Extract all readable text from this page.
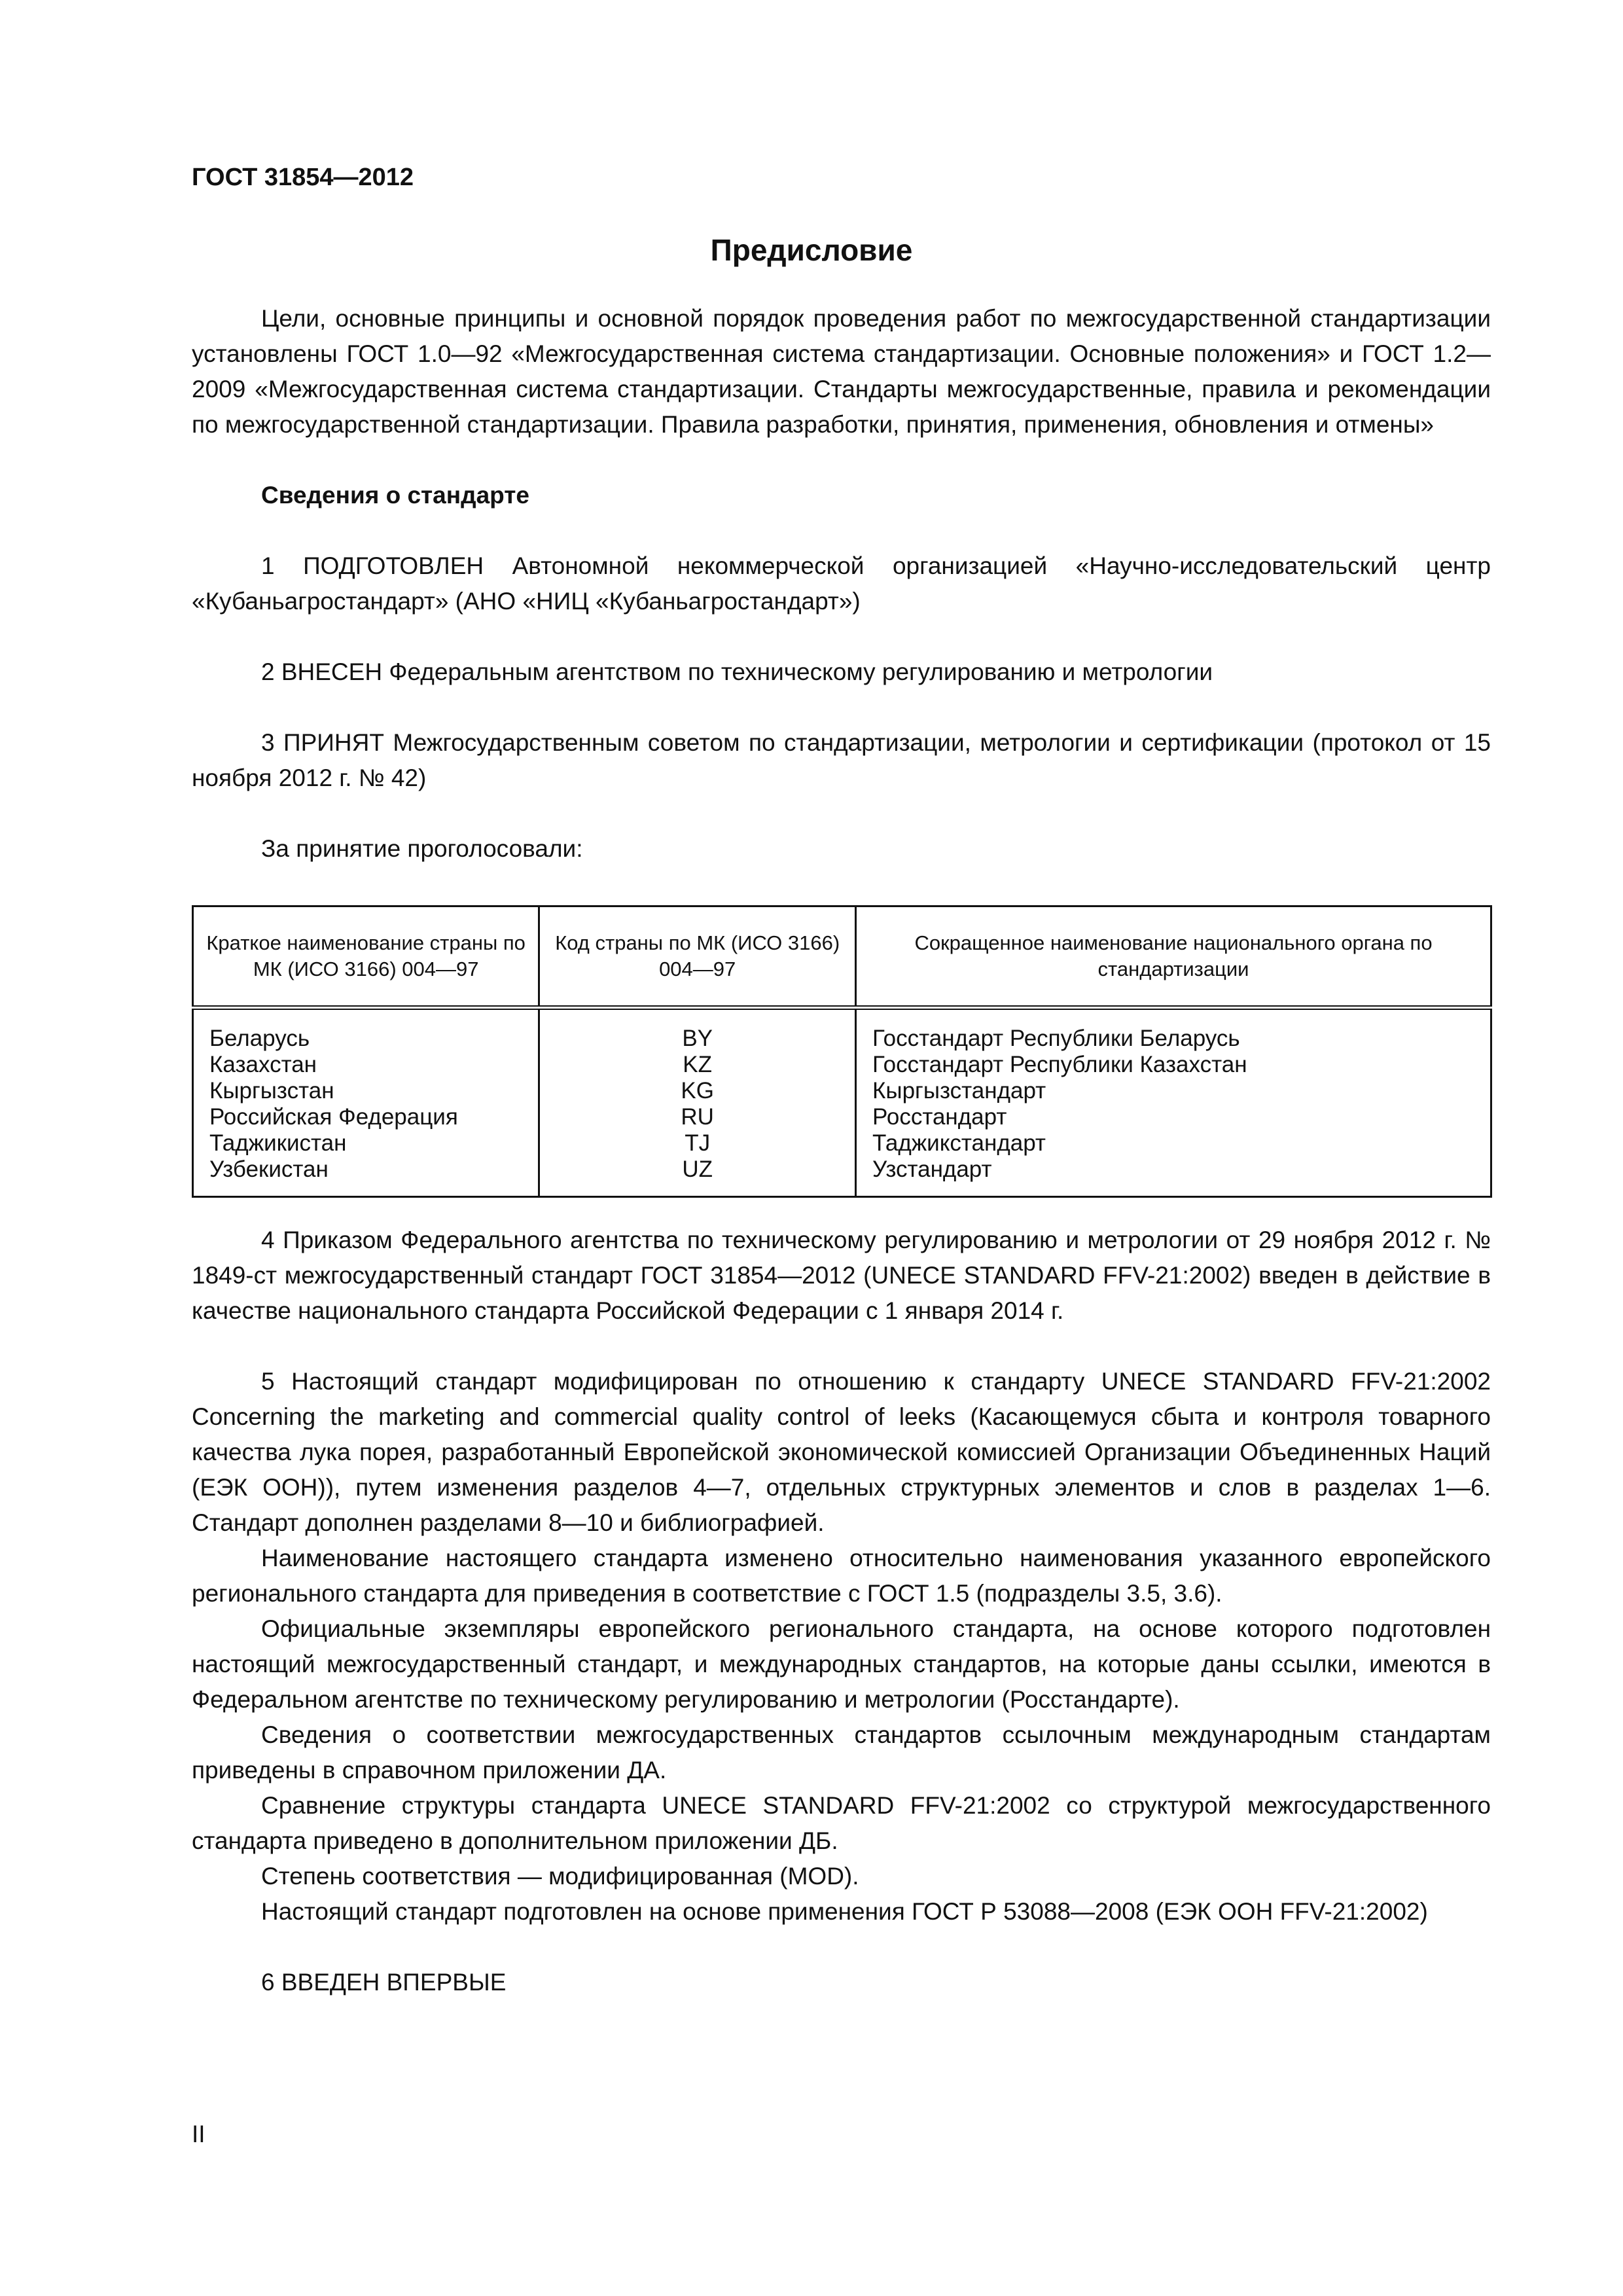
ГОСТ 31854—2012
Предисловие

Цели, основные принципы и основной порядок проведения работ по межгосударственной стандартизации установлены ГОСТ 1.0—92 «Межгосударственная система стандартизации. Основные положения» и ГОСТ 1.2—2009 «Межгосударственная система стандартизации. Стандарты межгосударственные, правила и рекомендации по межгосударственной стандартизации. Правила разработки, принятия, применения, обновления и отмены»

Сведения о стандарте

1 ПОДГОТОВЛЕН Автономной некоммерческой организацией «Научно-исследовательский центр «Кубаньагростандарт» (АНО «НИЦ «Кубаньагростандарт»)

2 ВНЕСЕН Федеральным агентством по техническому регулированию и метрологии

3 ПРИНЯТ Межгосударственным советом по стандартизации, метрологии и сертификации (протокол от 15 ноября 2012 г. № 42)

За принятие проголосовали:

Краткое наименование страны по МК (ИСО 3166) 004—97	Код страны по МК (ИСО 3166) 004—97	Сокращенное наименование национального органа по стандартизации
Беларусь	BY	Госстандарт Республики Беларусь
Казахстан	KZ	Госстандарт Республики Казахстан
Кыргызстан	KG	Кыргызстандарт
Российская Федерация	RU	Росстандарт
Таджикистан	TJ	Таджикстандарт
Узбекистан	UZ	Узстандарт

4 Приказом Федерального агентства по техническому регулированию и метрологии от 29 ноября 2012 г. № 1849-ст межгосударственный стандарт ГОСТ 31854—2012 (UNECE STANDARD FFV-21:2002) введен в действие в качестве национального стандарта Российской Федерации с 1 января 2014 г.

5 Настоящий стандарт модифицирован по отношению к стандарту UNECE STANDARD FFV-21:2002 Concerning the marketing and commercial quality control of leeks (Касающемуся сбыта и контроля товарного качества лука порея, разработанный Европейской экономической комиссией Организации Объединенных Наций (ЕЭК ООН)), путем изменения разделов 4—7, отдельных структурных элементов и слов в разделах 1—6. Стандарт дополнен разделами 8—10 и библиографией.

Наименование настоящего стандарта изменено относительно наименования указанного европейского регионального стандарта для приведения в соответствие с ГОСТ 1.5 (подразделы 3.5, 3.6).

Официальные экземпляры европейского регионального стандарта, на основе которого подготовлен настоящий межгосударственный стандарт, и международных стандартов, на которые даны ссылки, имеются в Федеральном агентстве по техническому регулированию и метрологии (Росстандарте).

Сведения о соответствии межгосударственных стандартов ссылочным международным стандартам приведены в справочном приложении ДА.

Сравнение структуры стандарта UNECE STANDARD FFV-21:2002 со структурой межгосударственного стандарта приведено в дополнительном приложении ДБ.

Степень соответствия — модифицированная (MOD).

Настоящий стандарт подготовлен на основе применения ГОСТ Р 53088—2008 (ЕЭК ООН FFV-21:2002)

6 ВВЕДЕН ВПЕРВЫЕ

II
